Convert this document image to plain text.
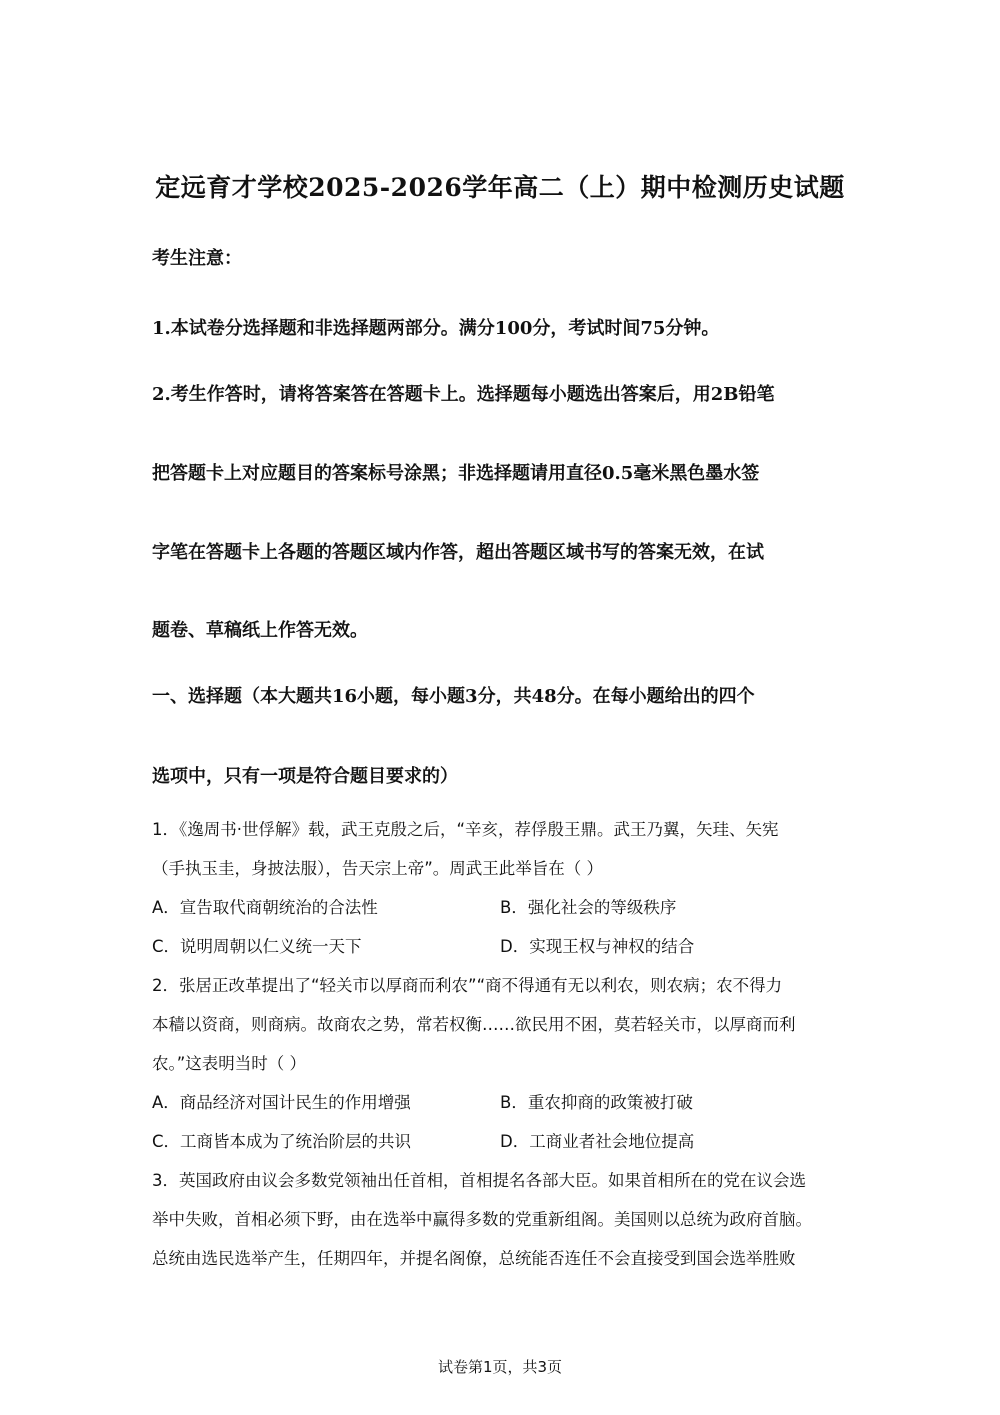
定远育才学校2025-2026学年高二（上）期中检测历史试题
考生注意：
1.本试卷分选择题和非选择题两部分。满分100分，考试时间75分钟。
2.考生作答时，请将答案答在答题卡上。选择题每小题选出答案后，用2B铅笔
把答题卡上对应题目的答案标号涂黑；非选择题请用直径0.5毫米黑色墨水签
字笔在答题卡上各题的答题区域内作答，超出答题区域书写的答案无效，在试
题卷、草稿纸上作答无效。
一、选择题（本大题共16小题，每小题3分，共48分。在每小题给出的四个
选项中，只有一项是符合题目要求的）
1．《逸周书·世俘解》载，武王克殷之后，“辛亥，荐俘殷王鼎。武王乃翼，矢珪、矢宪
（手执玉圭，身披法服），告天宗上帝”。周武王此举旨在（ ）
A．宣告取代商朝统治的合法性	B．强化社会的等级秩序
C．说明周朝以仁义统一天下	D．实现王权与神权的结合
2．张居正改革提出了“轻关市以厚商而利农”“商不得通有无以利农，则农病；农不得力
本穑以资商，则商病。故商农之势，常若权衡……欲民用不困，莫若轻关市，以厚商而利
农。”这表明当时（ ）
A．商品经济对国计民生的作用增强	B．重农抑商的政策被打破
C．工商皆本成为了统治阶层的共识	D．工商业者社会地位提高
3．英国政府由议会多数党领袖出任首相，首相提名各部大臣。如果首相所在的党在议会选
举中失败，首相必须下野，由在选举中赢得多数的党重新组阁。美国则以总统为政府首脑。
总统由选民选举产生，任期四年，并提名阁僚，总统能否连任不会直接受到国会选举胜败
试卷第1页，共3页
